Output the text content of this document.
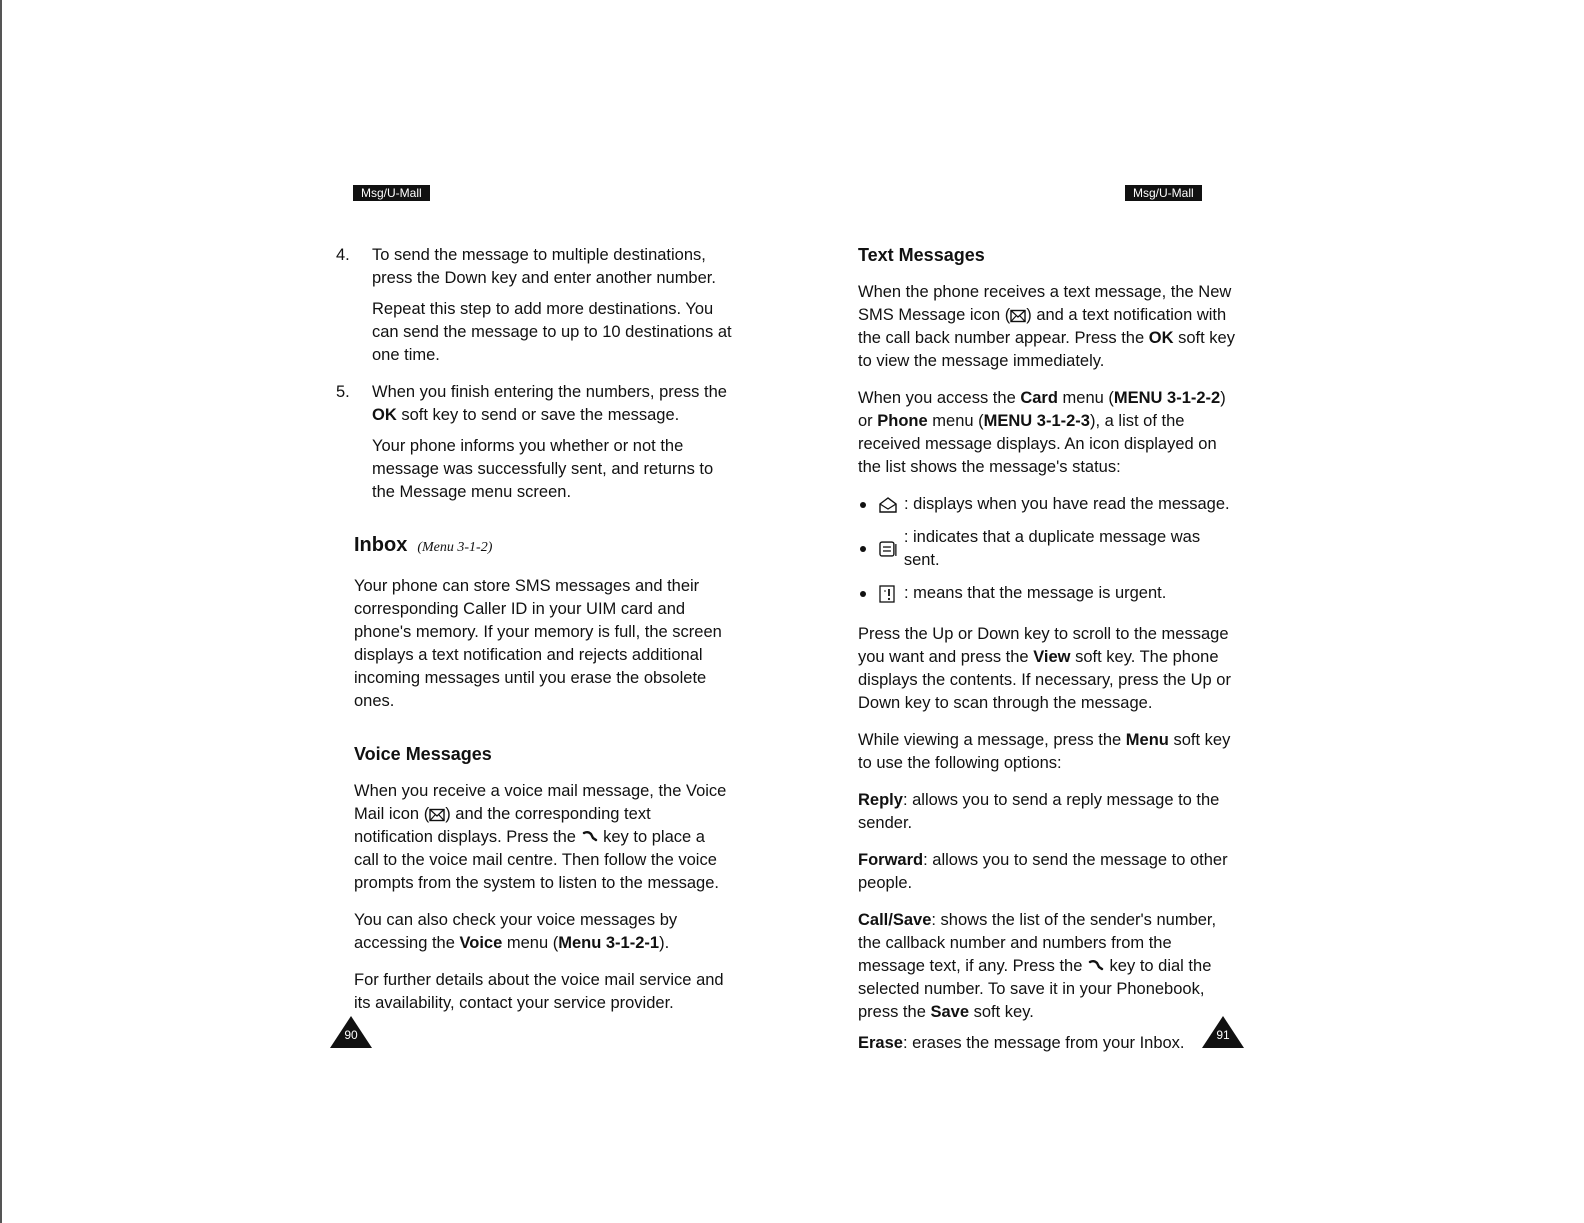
Msg/U-Mall
4. To send the message to multiple destinations, press the Down key and enter another number.

Repeat this step to add more destinations. You can send the message to up to 10 destinations at one time.

5. When you finish entering the numbers, press the OK soft key to send or save the message.

Your phone informs you whether or not the message was successfully sent, and returns to the Message menu screen.

Inbox (Menu 3-1-2)

Your phone can store SMS messages and their corresponding Caller ID in your UIM card and phone's memory. If your memory is full, the screen displays a text notification and rejects additional incoming messages until you erase the obsolete ones.

Voice Messages

When you receive a voice mail message, the Voice Mail icon ( ) and the corresponding text notification displays. Press the  key to place a call to the voice mail centre. Then follow the voice prompts from the system to listen to the message.

You can also check your voice messages by accessing the Voice menu (Menu 3-1-2-1).

For further details about the voice mail service and its availability, contact your service provider.

90
Msg/U-Mall
Text Messages

When the phone receives a text message, the New SMS Message icon ( ) and a text notification with the call back number appear. Press the OK soft key to view the message immediately.

When you access the Card menu (MENU 3-1-2-2) or Phone menu (MENU 3-1-2-3), a list of the received message displays. An icon displayed on the list shows the message's status:

: displays when you have read the message.
: indicates that a duplicate message was sent.
: means that the message is urgent.

Press the Up or Down key to scroll to the message you want and press the View soft key. The phone displays the contents. If necessary, press the Up or Down key to scan through the message.

While viewing a message, press the Menu soft key to use the following options:

Reply: allows you to send a reply message to the sender.

Forward: allows you to send the message to other people.

Call/Save: shows the list of the sender's number, the callback number and numbers from the message text, if any. Press the  key to dial the selected number. To save it in your Phonebook, press the Save soft key.

Erase: erases the message from your Inbox.	91
